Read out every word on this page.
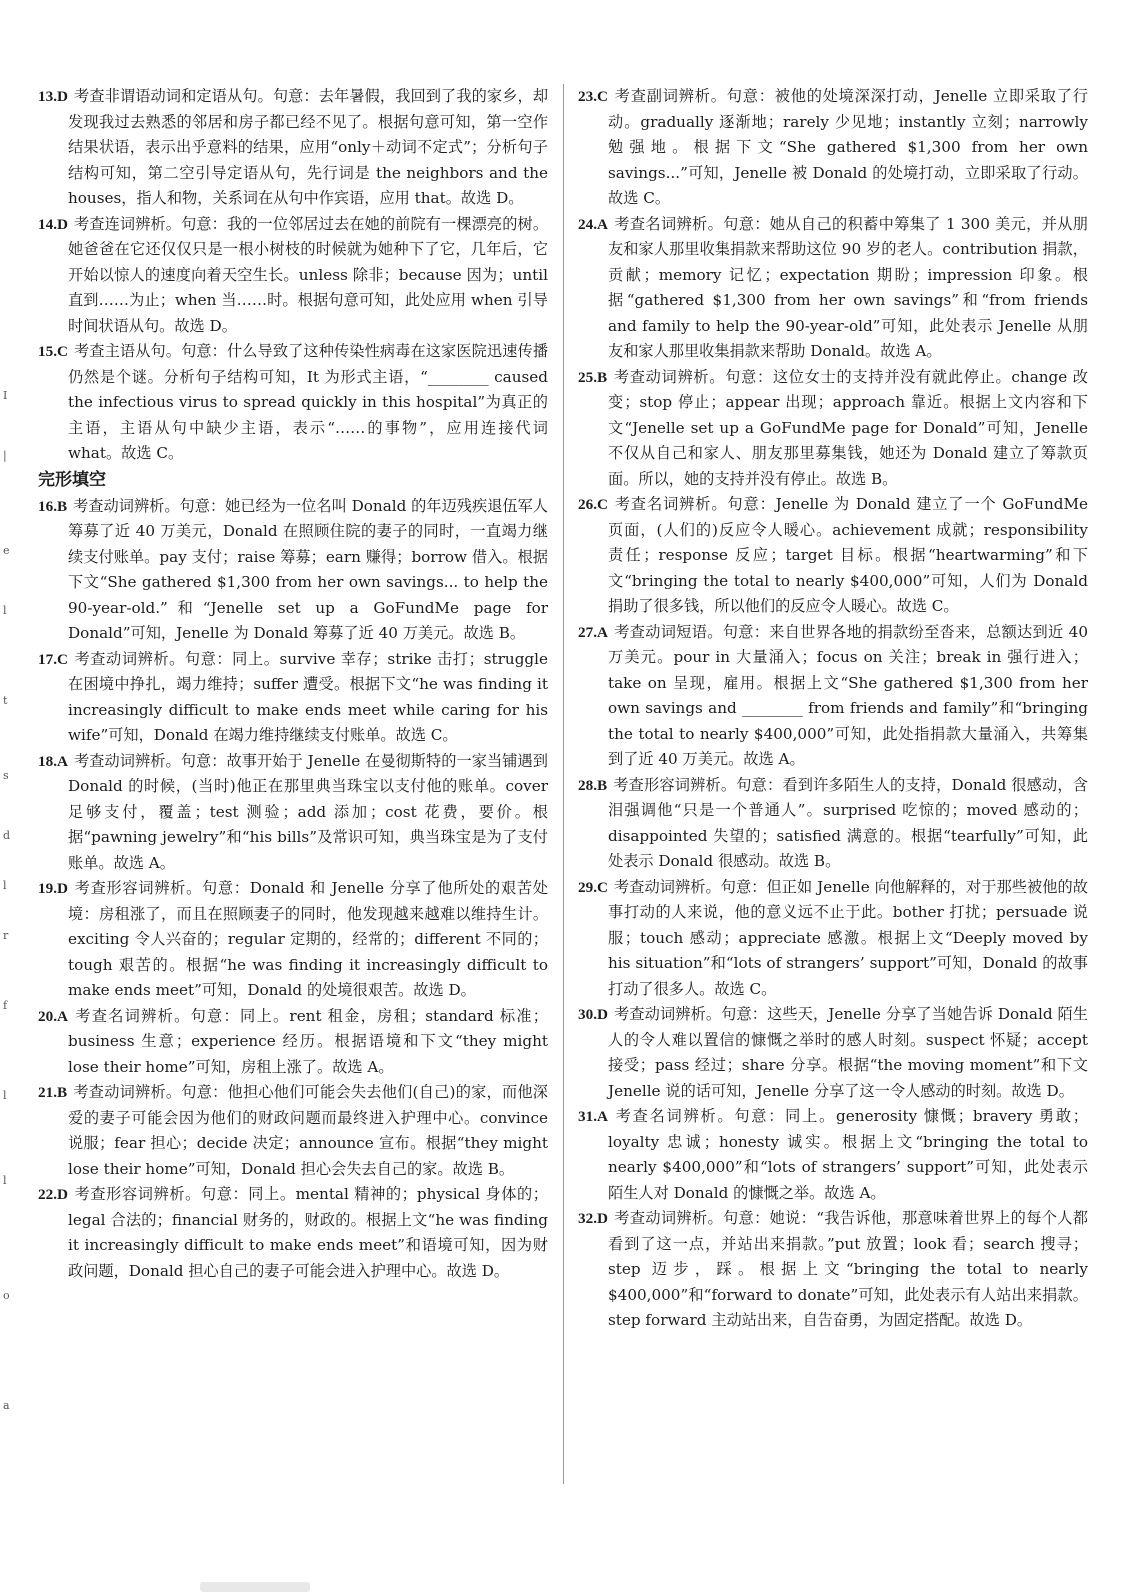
I
|
e
l
t
s
d
l
r
f
l
l
o
a

13.D 考查非谓语动词和定语从句。句意：去年暑假，我回到了我的家乡，却发现我过去熟悉的邻居和房子都已经不见了。根据句意可知，第一空作结果状语，表示出乎意料的结果，应用“only＋动词不定式”；分析句子结构可知，第二空引导定语从句，先行词是 the neighbors and the houses，指人和物，关系词在从句中作宾语，应用 that。故选 D。

14.D 考查连词辨析。句意：我的一位邻居过去在她的前院有一棵漂亮的树。她爸爸在它还仅仅只是一根小树枝的时候就为她种下了它，几年后，它开始以惊人的速度向着天空生长。unless 除非；because 因为；until 直到……为止；when 当……时。根据句意可知，此处应用 when 引导时间状语从句。故选 D。

15.C 考查主语从句。句意：什么导致了这种传染性病毒在这家医院迅速传播仍然是个谜。分析句子结构可知，It 为形式主语，“________ caused the infectious virus to spread quickly in this hospital”为真正的主语，主语从句中缺少主语，表示“……的事物”，应用连接代词 what。故选 C。

完形填空

16.B 考查动词辨析。句意：她已经为一位名叫 Donald 的年迈残疾退伍军人筹募了近 40 万美元，Donald 在照顾住院的妻子的同时，一直竭力继续支付账单。pay 支付；raise 筹募；earn 赚得；borrow 借入。根据下文“She gathered $1,300 from her own savings... to help the 90-year-old.”和“Jenelle set up a GoFundMe page for Donald”可知，Jenelle 为 Donald 筹募了近 40 万美元。故选 B。

17.C 考查动词辨析。句意：同上。survive 幸存；strike 击打；struggle 在困境中挣扎，竭力维持；suffer 遭受。根据下文“he was finding it increasingly difficult to make ends meet while caring for his wife”可知，Donald 在竭力维持继续支付账单。故选 C。

18.A 考查动词辨析。句意：故事开始于 Jenelle 在曼彻斯特的一家当铺遇到 Donald 的时候，(当时)他正在那里典当珠宝以支付他的账单。cover 足够支付，覆盖；test 测验；add 添加；cost 花费，要价。根据“pawning jewelry”和“his bills”及常识可知，典当珠宝是为了支付账单。故选 A。

19.D 考查形容词辨析。句意：Donald 和 Jenelle 分享了他所处的艰苦处境：房租涨了，而且在照顾妻子的同时，他发现越来越难以维持生计。exciting 令人兴奋的；regular 定期的，经常的；different 不同的；tough 艰苦的。根据“he was finding it increasingly difficult to make ends meet”可知，Donald 的处境很艰苦。故选 D。

20.A 考查名词辨析。句意：同上。rent 租金，房租；standard 标准；business 生意；experience 经历。根据语境和下文“they might lose their home”可知，房租上涨了。故选 A。

21.B 考查动词辨析。句意：他担心他们可能会失去他们(自己)的家，而他深爱的妻子可能会因为他们的财政问题而最终进入护理中心。convince 说服；fear 担心；decide 决定；announce 宣布。根据“they might lose their home”可知，Donald 担心会失去自己的家。故选 B。

22.D 考查形容词辨析。句意：同上。mental 精神的；physical 身体的；legal 合法的；financial 财务的，财政的。根据上文“he was finding it increasingly difficult to make ends meet”和语境可知，因为财政问题，Donald 担心自己的妻子可能会进入护理中心。故选 D。

23.C 考查副词辨析。句意：被他的处境深深打动，Jenelle 立即采取了行动。gradually 逐渐地；rarely 少见地；instantly 立刻；narrowly 勉强地。根据下文“She gathered $1,300 from her own savings...”可知，Jenelle 被 Donald 的处境打动，立即采取了行动。故选 C。

24.A 考查名词辨析。句意：她从自己的积蓄中筹集了 1 300 美元，并从朋友和家人那里收集捐款来帮助这位 90 岁的老人。contribution 捐款，贡献；memory 记忆；expectation 期盼；impression 印象。根据“gathered $1,300 from her own savings”和“from friends and family to help the 90-year-old”可知，此处表示 Jenelle 从朋友和家人那里收集捐款来帮助 Donald。故选 A。

25.B 考查动词辨析。句意：这位女士的支持并没有就此停止。change 改变；stop 停止；appear 出现；approach 靠近。根据上文内容和下文“Jenelle set up a GoFundMe page for Donald”可知，Jenelle 不仅从自己和家人、朋友那里募集钱，她还为 Donald 建立了筹款页面。所以，她的支持并没有停止。故选 B。

26.C 考查名词辨析。句意：Jenelle 为 Donald 建立了一个 GoFundMe 页面，(人们的)反应令人暖心。achievement 成就；responsibility 责任；response 反应；target 目标。根据“heartwarming”和下文“bringing the total to nearly $400,000”可知，人们为 Donald 捐助了很多钱，所以他们的反应令人暖心。故选 C。

27.A 考查动词短语。句意：来自世界各地的捐款纷至沓来，总额达到近 40 万美元。pour in 大量涌入；focus on 关注；break in 强行进入；take on 呈现，雇用。根据上文“She gathered $1,300 from her own savings and ________ from friends and family”和“bringing the total to nearly $400,000”可知，此处指捐款大量涌入，共筹集到了近 40 万美元。故选 A。

28.B 考查形容词辨析。句意：看到许多陌生人的支持，Donald 很感动，含泪强调他“只是一个普通人”。surprised 吃惊的；moved 感动的；disappointed 失望的；satisfied 满意的。根据“tearfully”可知，此处表示 Donald 很感动。故选 B。

29.C 考查动词辨析。句意：但正如 Jenelle 向他解释的，对于那些被他的故事打动的人来说，他的意义远不止于此。bother 打扰；persuade 说服；touch 感动；appreciate 感激。根据上文“Deeply moved by his situation”和“lots of strangers’ support”可知，Donald 的故事打动了很多人。故选 C。

30.D 考查动词辨析。句意：这些天，Jenelle 分享了当她告诉 Donald 陌生人的令人难以置信的慷慨之举时的感人时刻。suspect 怀疑；accept 接受；pass 经过；share 分享。根据“the moving moment”和下文 Jenelle 说的话可知，Jenelle 分享了这一令人感动的时刻。故选 D。

31.A 考查名词辨析。句意：同上。generosity 慷慨；bravery 勇敢；loyalty 忠诚；honesty 诚实。根据上文“bringing the total to nearly $400,000”和“lots of strangers’ support”可知，此处表示陌生人对 Donald 的慷慨之举。故选 A。

32.D 考查动词辨析。句意：她说：“我告诉他，那意味着世界上的每个人都看到了这一点，并站出来捐款。”put 放置；look 看；search 搜寻；step 迈步，踩。根据上文“bringing the total to nearly $400,000”和“forward to donate”可知，此处表示有人站出来捐款。step forward 主动站出来，自告奋勇，为固定搭配。故选 D。
